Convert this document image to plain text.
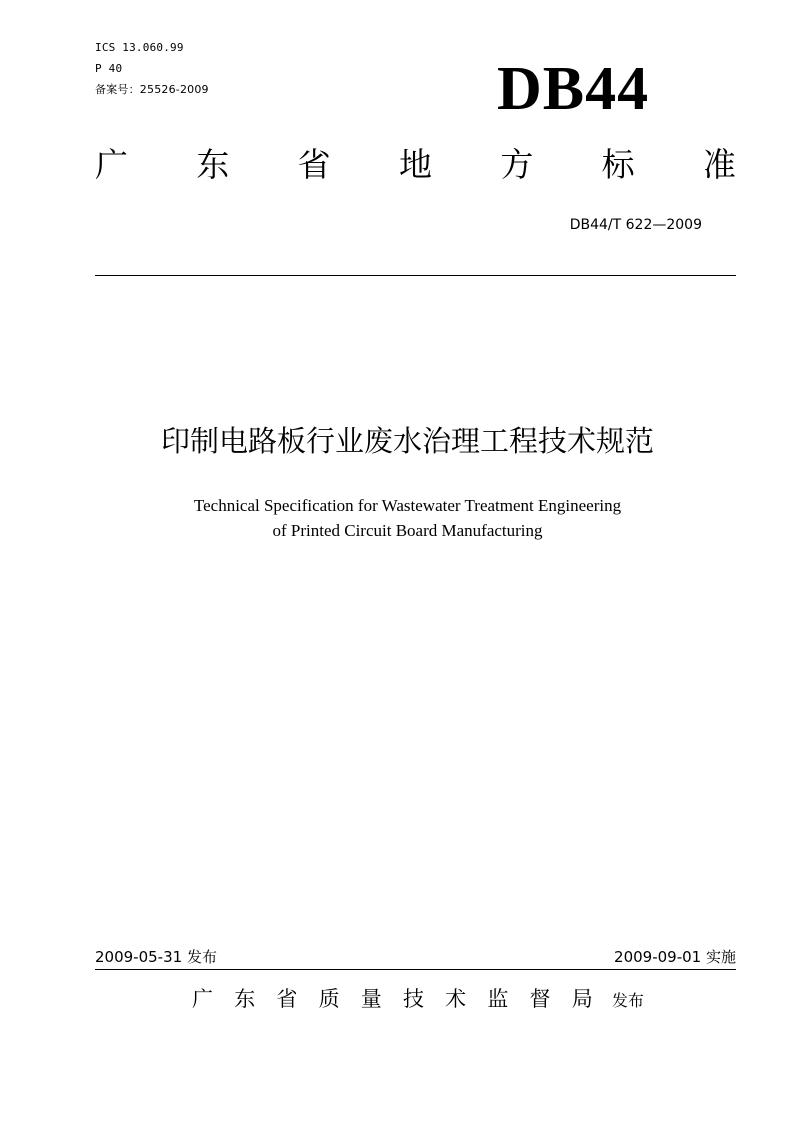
ICS 13.060.99
P 40
备案号：25526-2009	DB44
广 东 省 地 方 标 准
DB44/T 622—2009
印制电路板行业废水治理工程技术规范
Technical Specification for Wastewater Treatment Engineering
of Printed Circuit Board Manufacturing
2009-05-31 发布	2009-09-01 实施
广	东	省	质	量	技	术	监	督	局	发布
